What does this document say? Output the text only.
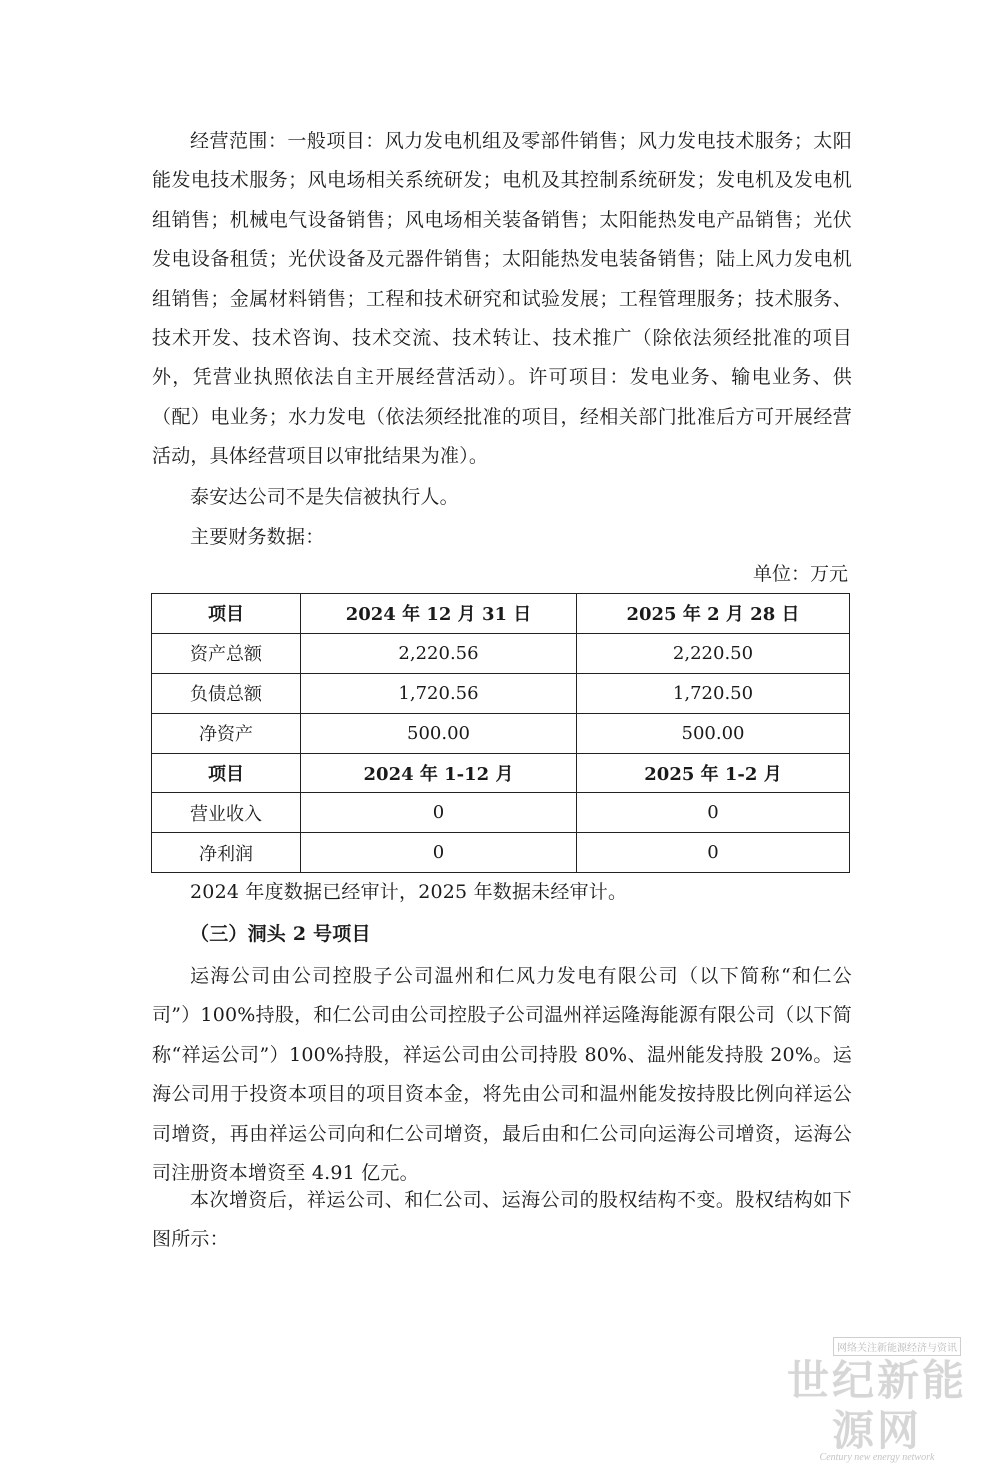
经营范围：一般项目：风力发电机组及零部件销售；风力发电技术服务；太阳能发电技术服务；风电场相关系统研发；电机及其控制系统研发；发电机及发电机组销售；机械电气设备销售；风电场相关装备销售；太阳能热发电产品销售；光伏发电设备租赁；光伏设备及元器件销售；太阳能热发电装备销售；陆上风力发电机组销售；金属材料销售；工程和技术研究和试验发展；工程管理服务；技术服务、技术开发、技术咨询、技术交流、技术转让、技术推广（除依法须经批准的项目外，凭营业执照依法自主开展经营活动）。许可项目：发电业务、输电业务、供（配）电业务；水力发电（依法须经批准的项目，经相关部门批准后方可开展经营活动，具体经营项目以审批结果为准）。

泰安达公司不是失信被执行人。

主要财务数据：

单位：万元
项目	2024 年 12 月 31 日	2025 年 2 月 28 日
资产总额	2,220.56	2,220.50
负债总额	1,720.56	1,720.50
净资产	500.00	500.00
项目	2024 年 1-12 月	2025 年 1-2 月
营业收入	0	0
净利润	0	0

2024 年度数据已经审计，2025 年数据未经审计。

（三）洞头 2 号项目

运海公司由公司控股子公司温州和仁风力发电有限公司（以下简称“和仁公司”）100%持股，和仁公司由公司控股子公司温州祥运隆海能源有限公司（以下简称“祥运公司”）100%持股，祥运公司由公司持股 80%、温州能发持股 20%。运海公司用于投资本项目的项目资本金，将先由公司和温州能发按持股比例向祥运公司增资，再由祥运公司向和仁公司增资，最后由和仁公司向运海公司增资，运海公司注册资本增资至 4.91 亿元。

本次增资后，祥运公司、和仁公司、运海公司的股权结构不变。股权结构如下图所示：

网络关注新能源经济与资讯
世纪新能源网
Century new energy network
